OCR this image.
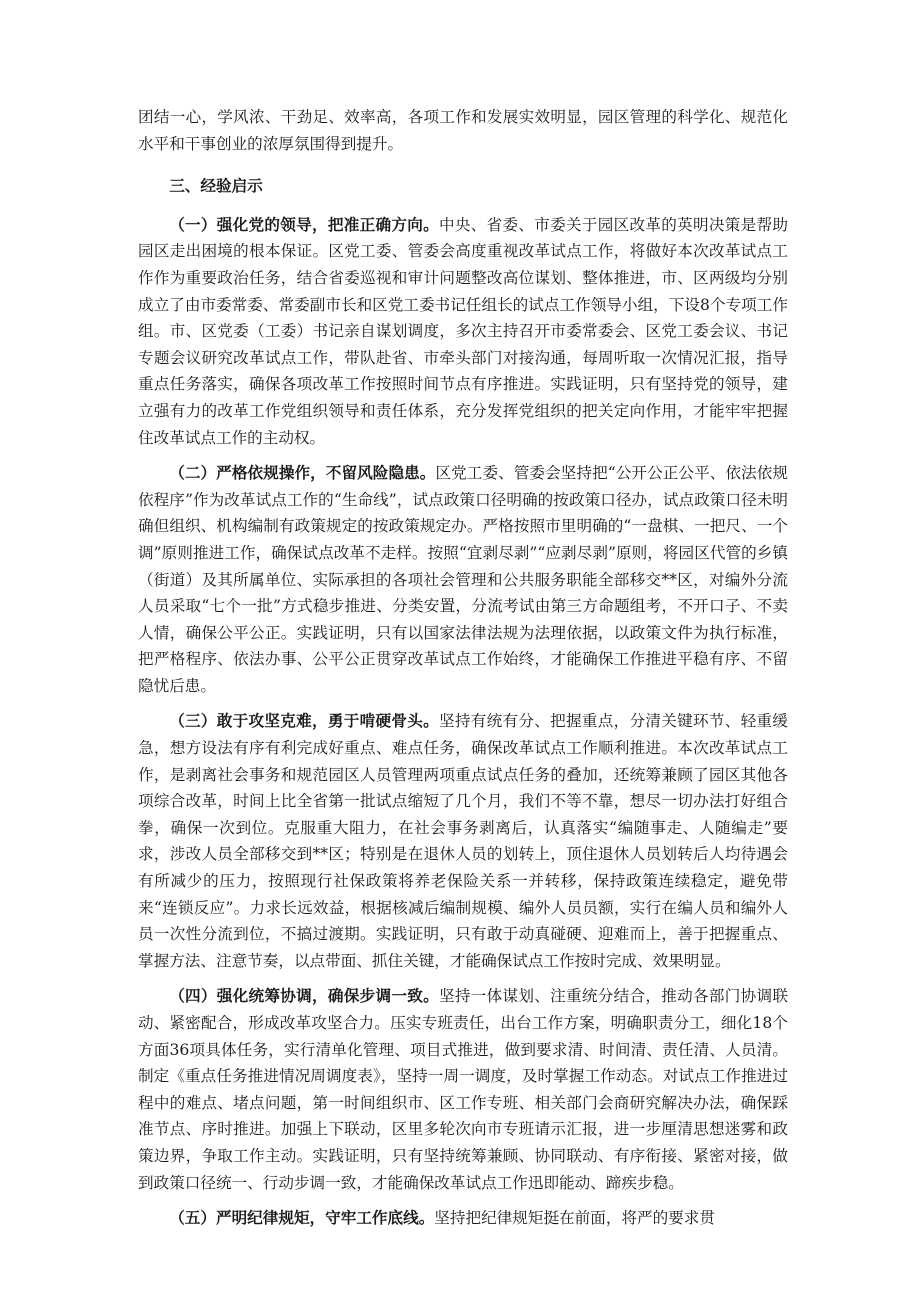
团结一心，学风浓、干劲足、效率高，各项工作和发展实效明显，园区管理的科学化、规范化水平和干事创业的浓厚氛围得到提升。

三、经验启示

（一）强化党的领导，把准正确方向。中央、省委、市委关于园区改革的英明决策是帮助园区走出困境的根本保证。区党工委、管委会高度重视改革试点工作，将做好本次改革试点工作作为重要政治任务，结合省委巡视和审计问题整改高位谋划、整体推进，市、区两级均分别成立了由市委常委、常委副市长和区党工委书记任组长的试点工作领导小组，下设8个专项工作组。市、区党委（工委）书记亲自谋划调度，多次主持召开市委常委会、区党工委会议、书记专题会议研究改革试点工作，带队赴省、市牵头部门对接沟通，每周听取一次情况汇报，指导重点任务落实，确保各项改革工作按照时间节点有序推进。实践证明，只有坚持党的领导，建立强有力的改革工作党组织领导和责任体系，充分发挥党组织的把关定向作用，才能牢牢把握住改革试点工作的主动权。

（二）严格依规操作，不留风险隐患。区党工委、管委会坚持把“公开公正公平、依法依规依程序”作为改革试点工作的“生命线”，试点政策口径明确的按政策口径办，试点政策口径未明确但组织、机构编制有政策规定的按政策规定办。严格按照市里明确的“一盘棋、一把尺、一个调”原则推进工作，确保试点改革不走样。按照“宜剥尽剥”“应剥尽剥”原则，将园区代管的乡镇（街道）及其所属单位、实际承担的各项社会管理和公共服务职能全部移交**区，对编外分流人员采取“七个一批”方式稳步推进、分类安置，分流考试由第三方命题组考，不开口子、不卖人情，确保公平公正。实践证明，只有以国家法律法规为法理依据，以政策文件为执行标准，把严格程序、依法办事、公平公正贯穿改革试点工作始终，才能确保工作推进平稳有序、不留隐忧后患。

（三）敢于攻坚克难，勇于啃硬骨头。坚持有统有分、把握重点，分清关键环节、轻重缓急，想方设法有序有利完成好重点、难点任务，确保改革试点工作顺利推进。本次改革试点工作，是剥离社会事务和规范园区人员管理两项重点试点任务的叠加，还统筹兼顾了园区其他各项综合改革，时间上比全省第一批试点缩短了几个月，我们不等不靠，想尽一切办法打好组合拳，确保一次到位。克服重大阻力，在社会事务剥离后，认真落实“编随事走、人随编走”要求，涉改人员全部移交到**区；特别是在退休人员的划转上，顶住退休人员划转后人均待遇会有所减少的压力，按照现行社保政策将养老保险关系一并转移，保持政策连续稳定，避免带来“连锁反应”。力求长远效益，根据核减后编制规模、编外人员员额，实行在编人员和编外人员一次性分流到位，不搞过渡期。实践证明，只有敢于动真碰硬、迎难而上，善于把握重点、掌握方法、注意节奏，以点带面、抓住关键，才能确保试点工作按时完成、效果明显。

（四）强化统筹协调，确保步调一致。坚持一体谋划、注重统分结合，推动各部门协调联动、紧密配合，形成改革攻坚合力。压实专班责任，出台工作方案，明确职责分工，细化18个方面36项具体任务，实行清单化管理、项目式推进，做到要求清、时间清、责任清、人员清。制定《重点任务推进情况周调度表》，坚持一周一调度，及时掌握工作动态。对试点工作推进过程中的难点、堵点问题，第一时间组织市、区工作专班、相关部门会商研究解决办法，确保踩准节点、序时推进。加强上下联动，区里多轮次向市专班请示汇报，进一步厘清思想迷雾和政策边界，争取工作主动。实践证明，只有坚持统筹兼顾、协同联动、有序衔接、紧密对接，做到政策口径统一、行动步调一致，才能确保改革试点工作迅即能动、蹄疾步稳。

（五）严明纪律规矩，守牢工作底线。坚持把纪律规矩挺在前面，将严的要求贯
